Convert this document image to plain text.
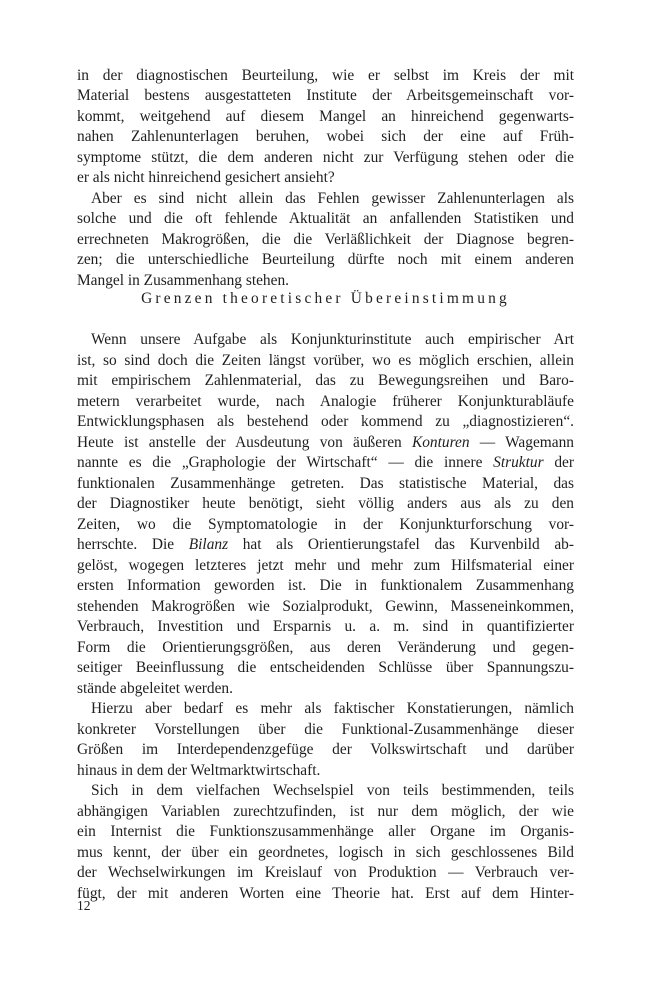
in der diagnostischen Beurteilung, wie er selbst im Kreis der mit
Material bestens ausgestatteten Institute der Arbeitsgemeinschaft vor-
kommt, weitgehend auf diesem Mangel an hinreichend gegenwarts-
nahen Zahlenunterlagen beruhen, wobei sich der eine auf Früh-
symptome stützt, die dem anderen nicht zur Verfügung stehen oder die
er als nicht hinreichend gesichert ansieht?
Aber es sind nicht allein das Fehlen gewisser Zahlenunterlagen als
solche und die oft fehlende Aktualität an anfallenden Statistiken und
errechneten Makrogrößen, die die Verläßlichkeit der Diagnose begren-
zen; die unterschiedliche Beurteilung dürfte noch mit einem anderen
Mangel in Zusammenhang stehen.
Grenzen theoretischer Übereinstimmung
Wenn unsere Aufgabe als Konjunkturinstitute auch empirischer Art
ist, so sind doch die Zeiten längst vorüber, wo es möglich erschien, allein
mit empirischem Zahlenmaterial, das zu Bewegungsreihen und Baro-
metern verarbeitet wurde, nach Analogie früherer Konjunkturabläufe
Entwicklungsphasen als bestehend oder kommend zu „diagnostizieren“.
Heute ist anstelle der Ausdeutung von äußeren Konturen — Wagemann
nannte es die „Graphologie der Wirtschaft“ — die innere Struktur der
funktionalen Zusammenhänge getreten. Das statistische Material, das
der Diagnostiker heute benötigt, sieht völlig anders aus als zu den
Zeiten, wo die Symptomatologie in der Konjunkturforschung vor-
herrschte. Die Bilanz hat als Orientierungstafel das Kurvenbild ab-
gelöst, wogegen letzteres jetzt mehr und mehr zum Hilfsmaterial einer
ersten Information geworden ist. Die in funktionalem Zusammenhang
stehenden Makrogrößen wie Sozialprodukt, Gewinn, Masseneinkommen,
Verbrauch, Investition und Ersparnis u. a. m. sind in quantifizierter
Form die Orientierungsgrößen, aus deren Veränderung und gegen-
seitiger Beeinflussung die entscheidenden Schlüsse über Spannungszu-
stände abgeleitet werden.
Hierzu aber bedarf es mehr als faktischer Konstatierungen, nämlich
konkreter Vorstellungen über die Funktional-Zusammenhänge dieser
Größen im Interdependenzgefüge der Volkswirtschaft und darüber
hinaus in dem der Weltmarktwirtschaft.
Sich in dem vielfachen Wechselspiel von teils bestimmenden, teils
abhängigen Variablen zurechtzufinden, ist nur dem möglich, der wie
ein Internist die Funktionszusammenhänge aller Organe im Organis-
mus kennt, der über ein geordnetes, logisch in sich geschlossenes Bild
der Wechselwirkungen im Kreislauf von Produktion — Verbrauch ver-
fügt, der mit anderen Worten eine Theorie hat. Erst auf dem Hinter-
12
